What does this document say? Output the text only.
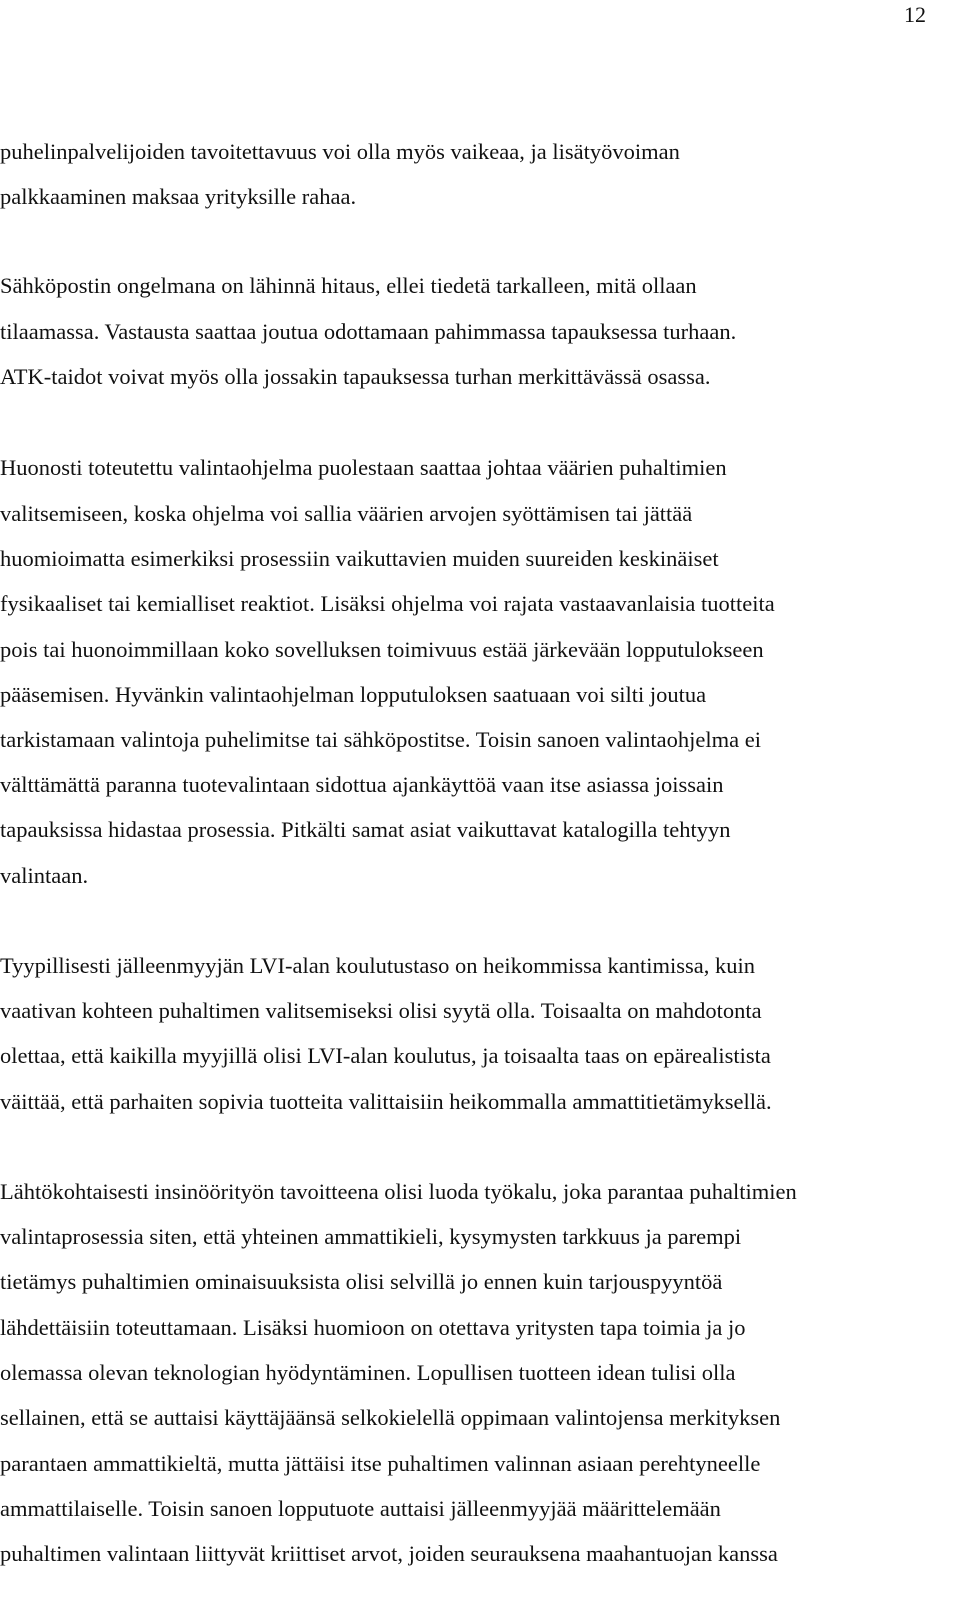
12
puhelinpalvelijoiden tavoitettavuus voi olla myös vaikeaa, ja lisätyövoiman
palkkaaminen maksaa yrityksille rahaa.
Sähköpostin ongelmana on lähinnä hitaus, ellei tiedetä tarkalleen, mitä ollaan
tilaamassa. Vastausta saattaa joutua odottamaan pahimmassa tapauksessa turhaan.
ATK-taidot voivat myös olla jossakin tapauksessa turhan merkittävässä osassa.
Huonosti toteutettu valintaohjelma puolestaan saattaa johtaa väärien puhaltimien
valitsemiseen, koska ohjelma voi sallia väärien arvojen syöttämisen tai jättää
huomioimatta esimerkiksi prosessiin vaikuttavien muiden suureiden keskinäiset
fysikaaliset tai kemialliset reaktiot. Lisäksi ohjelma voi rajata vastaavanlaisia tuotteita
pois tai huonoimmillaan koko sovelluksen toimivuus estää järkevään lopputulokseen
pääsemisen. Hyvänkin valintaohjelman lopputuloksen saatuaan voi silti joutua
tarkistamaan valintoja puhelimitse tai sähköpostitse. Toisin sanoen valintaohjelma ei
välttämättä paranna tuotevalintaan sidottua ajankäyttöä vaan itse asiassa joissain
tapauksissa hidastaa prosessia. Pitkälti samat asiat vaikuttavat katalogilla tehtyyn
valintaan.
Tyypillisesti jälleenmyyjän LVI-alan koulutustaso on heikommissa kantimissa, kuin
vaativan kohteen puhaltimen valitsemiseksi olisi syytä olla. Toisaalta on mahdotonta
olettaa, että kaikilla myyjillä olisi LVI-alan koulutus, ja toisaalta taas on epärealistista
väittää, että parhaiten sopivia tuotteita valittaisiin heikommalla ammattitietämyksellä.
Lähtökohtaisesti insinöörityön tavoitteena olisi luoda työkalu, joka parantaa puhaltimien
valintaprosessia siten, että yhteinen ammattikieli, kysymysten tarkkuus ja parempi
tietämys puhaltimien ominaisuuksista olisi selvillä jo ennen kuin tarjouspyyntöä
lähdettäisiin toteuttamaan. Lisäksi huomioon on otettava yritysten tapa toimia ja jo
olemassa olevan teknologian hyödyntäminen. Lopullisen tuotteen idean tulisi olla
sellainen, että se auttaisi käyttäjäänsä selkokielellä oppimaan valintojensa merkityksen
parantaen ammattikieltä, mutta jättäisi itse puhaltimen valinnan asiaan perehtyneelle
ammattilaiselle. Toisin sanoen lopputuote auttaisi jälleenmyyjää määrittelemään
puhaltimen valintaan liittyvät kriittiset arvot, joiden seurauksena maahantuojan kanssa
